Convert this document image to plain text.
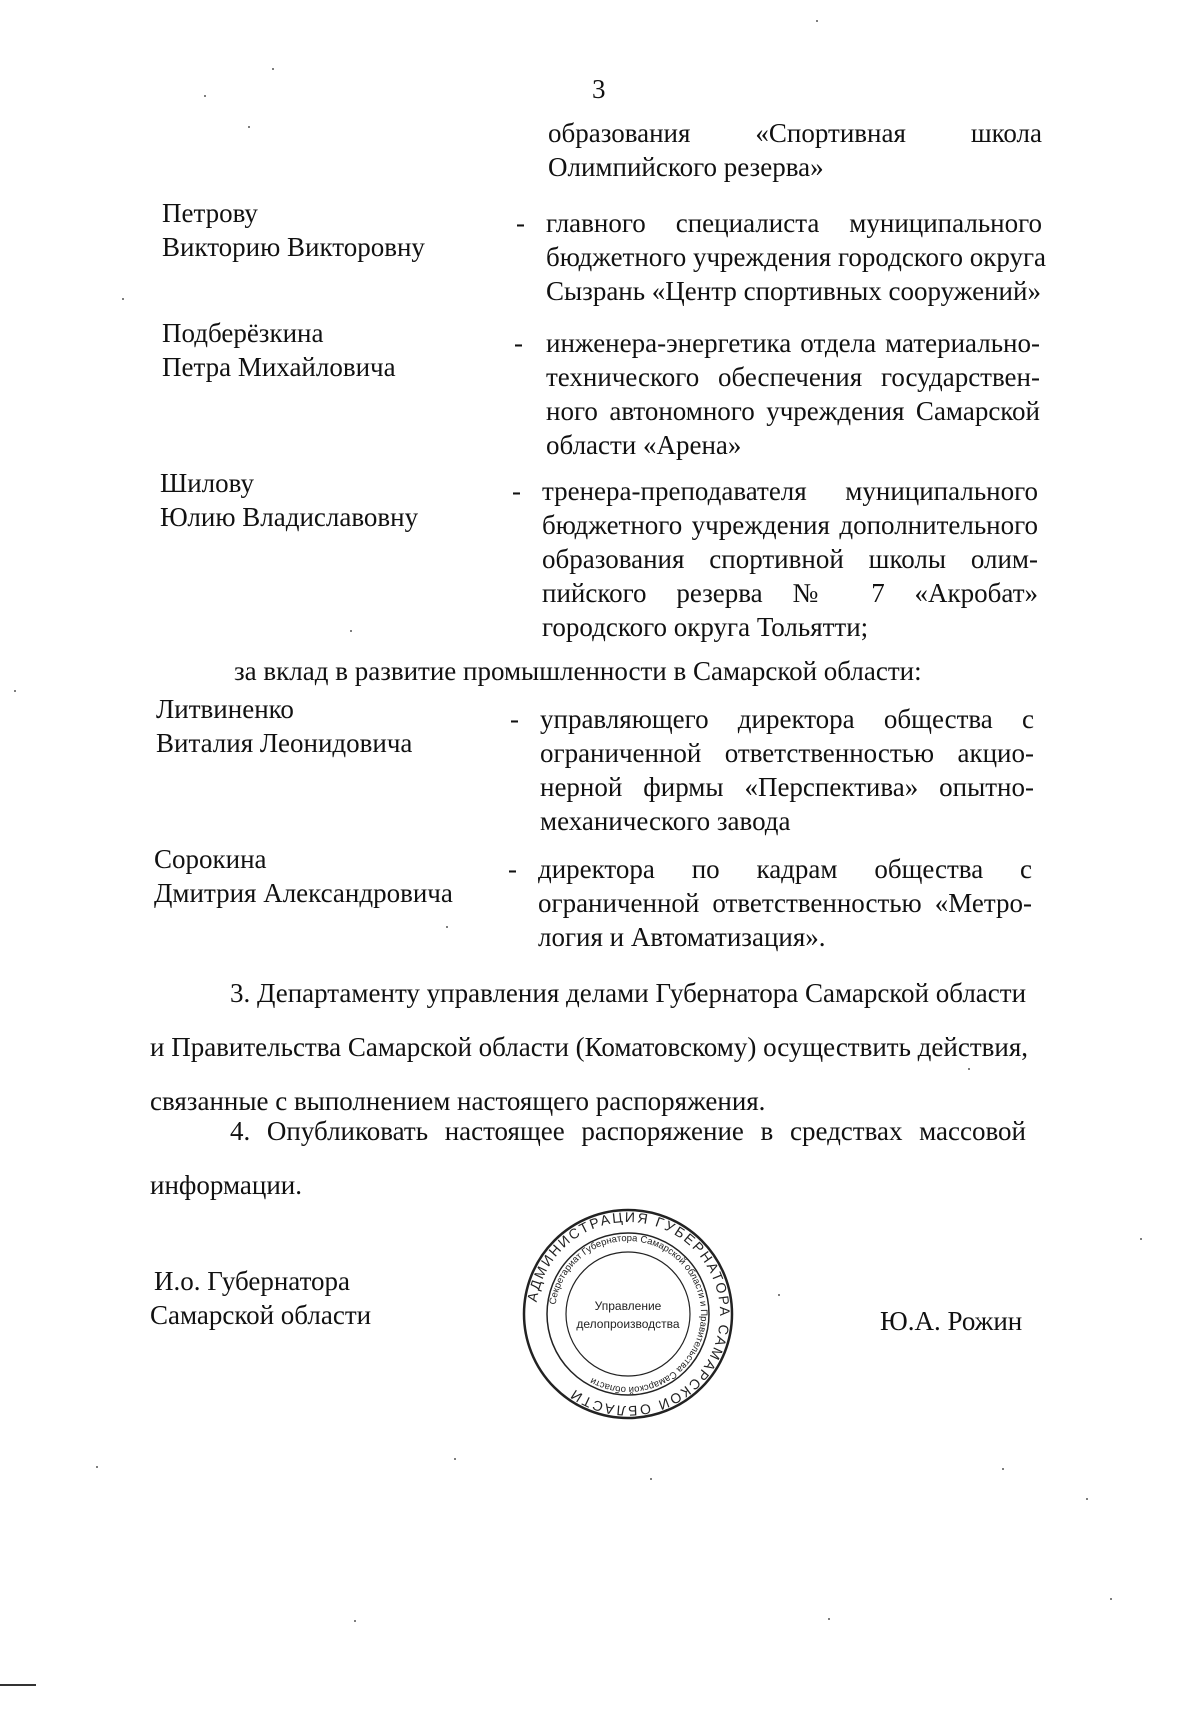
3
образования «Спортивная школа
Олимпийского резерва»
Петрову
Викторию Викторовну
- главного специалиста муниципального
бюджетного учреждения городского округа
Сызрань «Центр спортивных сооружений»
Подберёзкина
Петра Михайловича
- инженера-энергетика отдела материально-
технического обеспечения государствен-
ного автономного учреждения Самарской
области «Арена»
Шилову
Юлию Владиславовну
- тренера-преподавателя муниципального
бюджетного учреждения дополнительного
образования спортивной школы олим-
пийского резерва № 7 «Акробат»
городского округа Тольятти;
за вклад в развитие промышленности в Самарской области:
Литвиненко
Виталия Леонидовича
- управляющего директора общества с
ограниченной ответственностью акцио-
нерной фирмы «Перспектива» опытно-
механического завода
Сорокина
Дмитрия Александровича
- директора по кадрам общества с
ограниченной ответственностью «Метро-
логия и Автоматизация».
3. Департаменту управления делами Губернатора Самарской области
и Правительства Самарской области (Коматовскому) осуществить действия,
связанные с выполнением настоящего распоряжения.
4. Опубликовать настоящее распоряжение в средствах массовой
информации.
И.о. Губернатора
Самарской области	Ю.А. Рожин
АДМИНИСТРАЦИЯ ГУБЕРНАТОРА САМАРСКОЙ ОБЛАСТИ
Секретариат Губернатора Самарской области и Правительства Самарской области
Управление
делопроизводства
